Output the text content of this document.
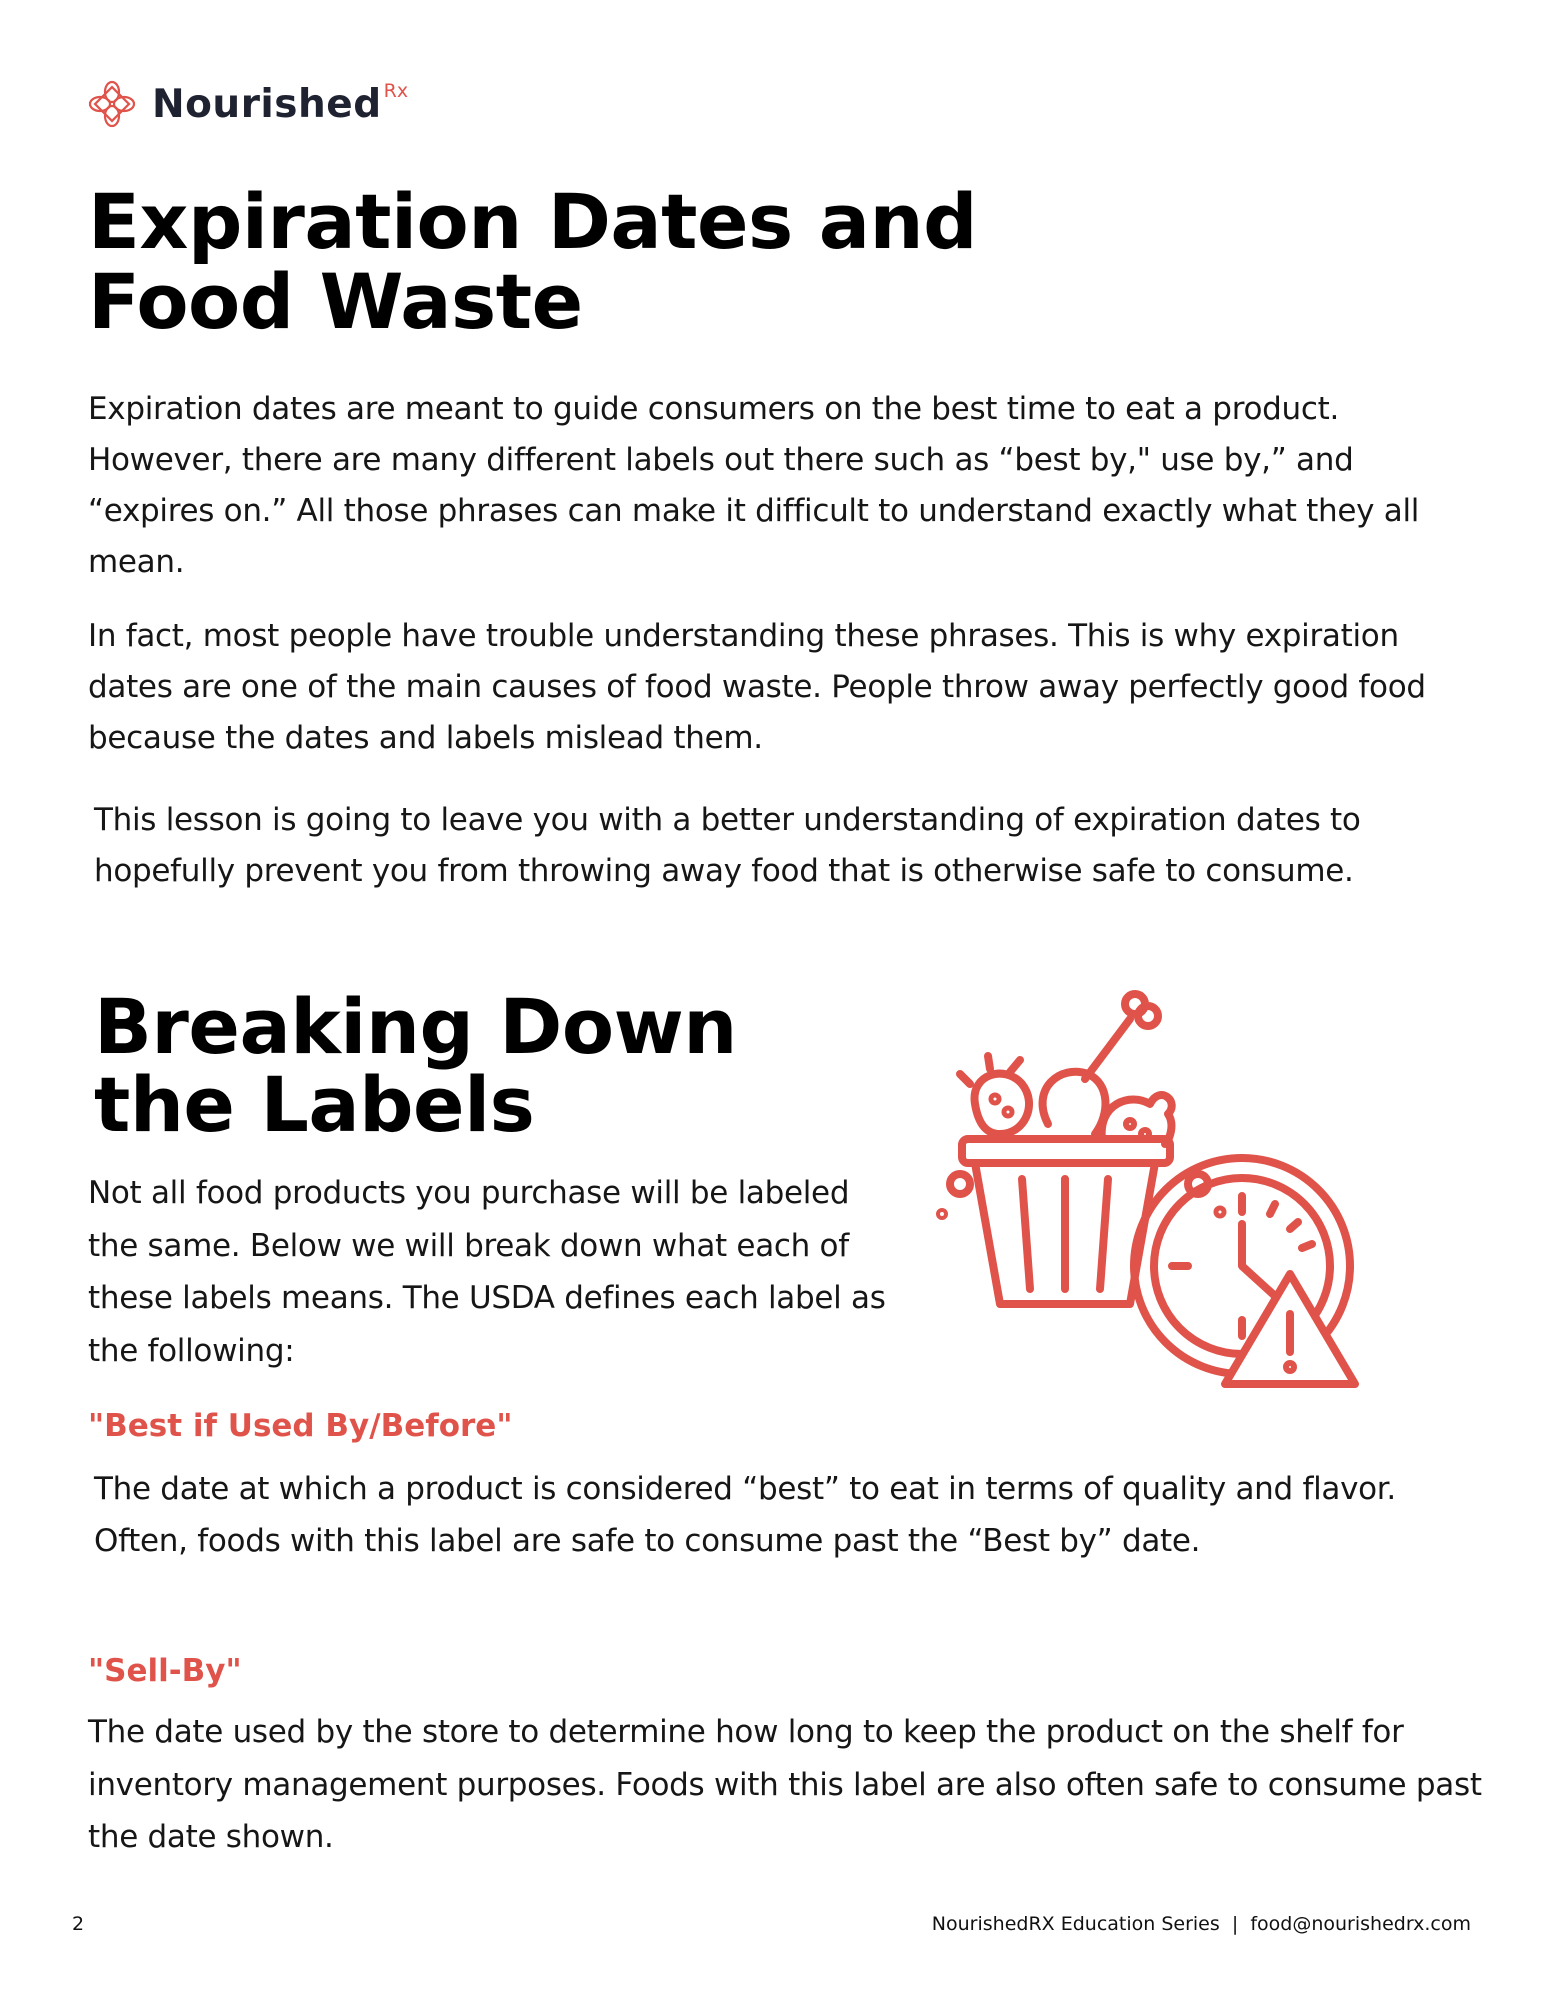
Nourished Rx
Expiration Dates and Food Waste

Expiration dates are meant to guide consumers on the best time to eat a product. However, there are many different labels out there such as “best by," use by,” and “expires on.” All those phrases can make it difficult to understand exactly what they all mean.

In fact, most people have trouble understanding these phrases. This is why expiration dates are one of the main causes of food waste. People throw away perfectly good food because the dates and labels mislead them.

This lesson is going to leave you with a better understanding of expiration dates to hopefully prevent you from throwing away food that is otherwise safe to consume.

Breaking Down the Labels

Not all food products you purchase will be labeled the same. Below we will break down what each of these labels means. The USDA defines each label as the following:

"Best if Used By/Before"

The date at which a product is considered “best” to eat in terms of quality and flavor. Often, foods with this label are safe to consume past the “Best by” date.

"Sell-By"

The date used by the store to determine how long to keep the product on the shelf for inventory management purposes. Foods with this label are also often safe to consume past the date shown.

2	NourishedRX Education Series  |  food@nourishedrx.com
